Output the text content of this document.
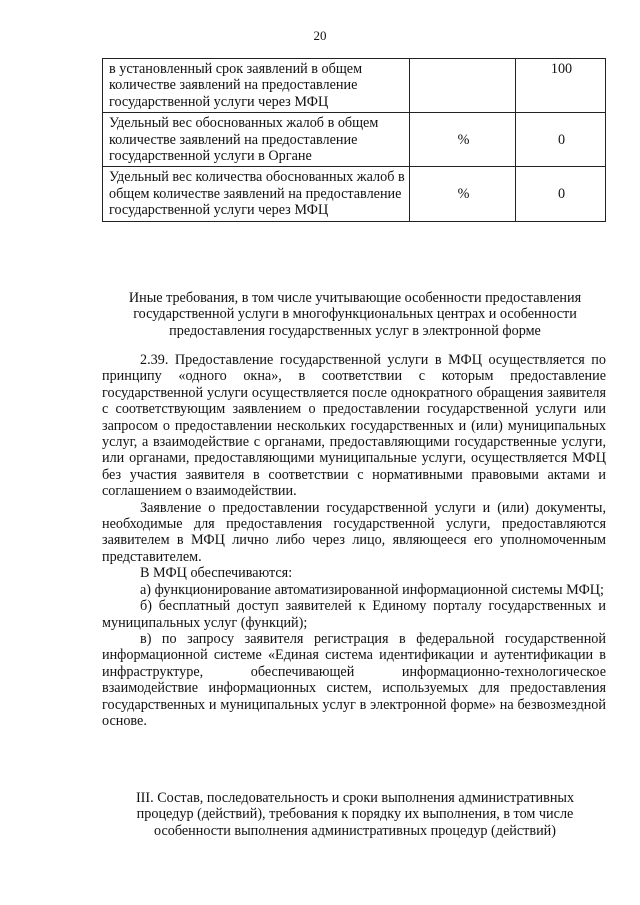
20
в установленный срок заявлений в общем количестве заявлений на предоставление государственной услуги через МФЦ		100
Удельный вес обоснованных жалоб в общем количестве заявлений на предоставление государственной услуги в Органе	%	0
Удельный вес количества обоснованных жалоб в общем количестве заявлений на предоставление государственной услуги через МФЦ	%	0
Иные требования, в том числе учитывающие особенности предоставления государственной услуги в многофункциональных центрах и особенности предоставления государственных услуг в электронной форме

2.39. Предоставление государственной услуги в МФЦ осуществляется по принципу «одного окна», в соответствии с которым предоставление государственной услуги осуществляется после однократного обращения заявителя с соответствующим заявлением о предоставлении государственной услуги или запросом о предоставлении нескольких государственных и (или) муниципальных услуг, а взаимодействие с органами, предоставляющими государственные услуги, или органами, предоставляющими муниципальные услуги, осуществляется МФЦ без участия заявителя в соответствии с нормативными правовыми актами и соглашением о взаимодействии.

Заявление о предоставлении государственной услуги и (или) документы, необходимые для предоставления государственной услуги, предоставляются заявителем в МФЦ лично либо через лицо, являющееся его уполномоченным представителем.

В МФЦ обеспечиваются:

а) функционирование автоматизированной информационной системы МФЦ;

б) бесплатный доступ заявителей к Единому порталу государственных и муниципальных услуг (функций);

в) по запросу заявителя регистрация в федеральной государственной информационной системе «Единая система идентификации и аутентификации в инфраструктуре, обеспечивающей информационно-технологическое взаимодействие информационных систем, используемых для предоставления государственных и муниципальных услуг в электронной форме» на безвозмездной основе.

III. Состав, последовательность и сроки выполнения административных процедур (действий), требования к порядку их выполнения, в том числе особенности выполнения административных процедур (действий)
